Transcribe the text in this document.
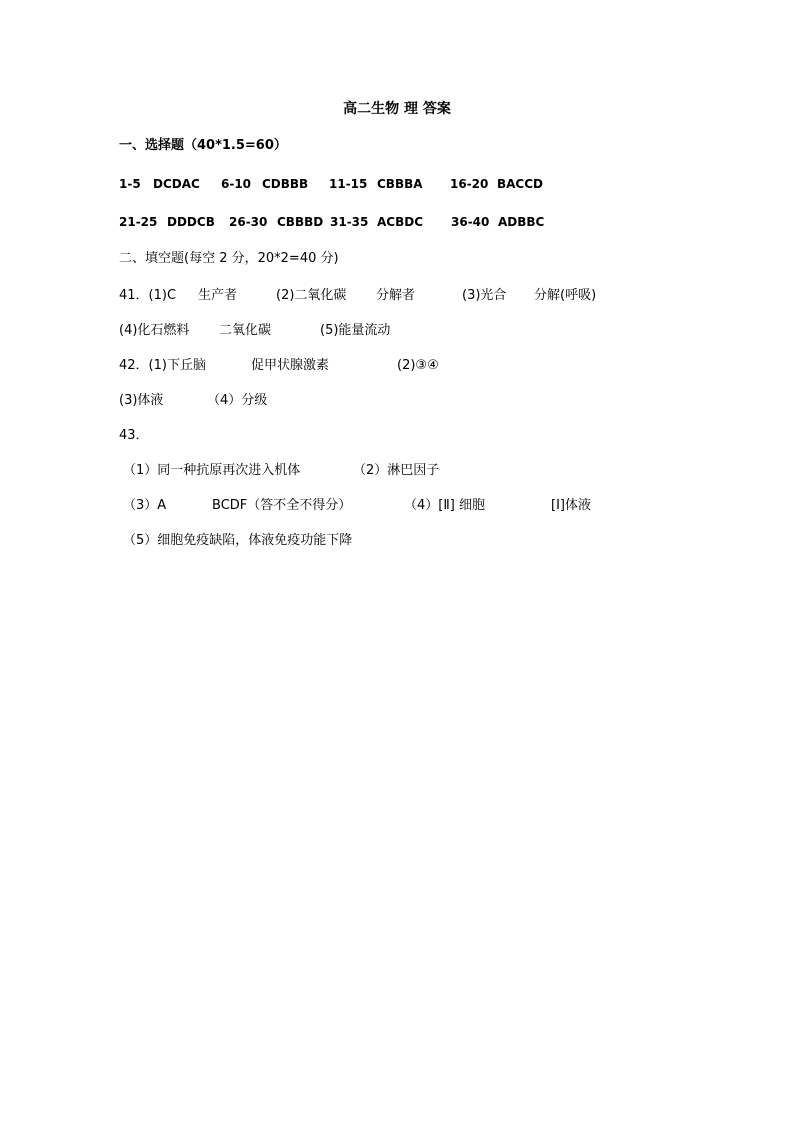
高二生物 理 答案
一、选择题（40*1.5=60）
1-5 DCDAC 6-10 CDBBB 11-15 CBBBA 16-20 BACCD
21-25 DDDCB 26-30 CBBBD 31-35 ACBDC 36-40 ADBBC
二、填空题(每空 2 分，20*2=40 分)
41．(1)C 生产者	(2)二氧化碳 分解者	(3)光合 分解(呼吸)
(4)化石燃料 二氧化碳	(5)能量流动
42．(1)下丘脑	促甲状腺激素	(2)③④
(3)体液	（4）分级
43．
（1）同一种抗原再次进入机体	（2）淋巴因子
（3）A	BCDF（答不全不得分）	（4）[Ⅱ] 细胞	[Ⅰ]体液
（5）细胞免疫缺陷，体液免疫功能下降
